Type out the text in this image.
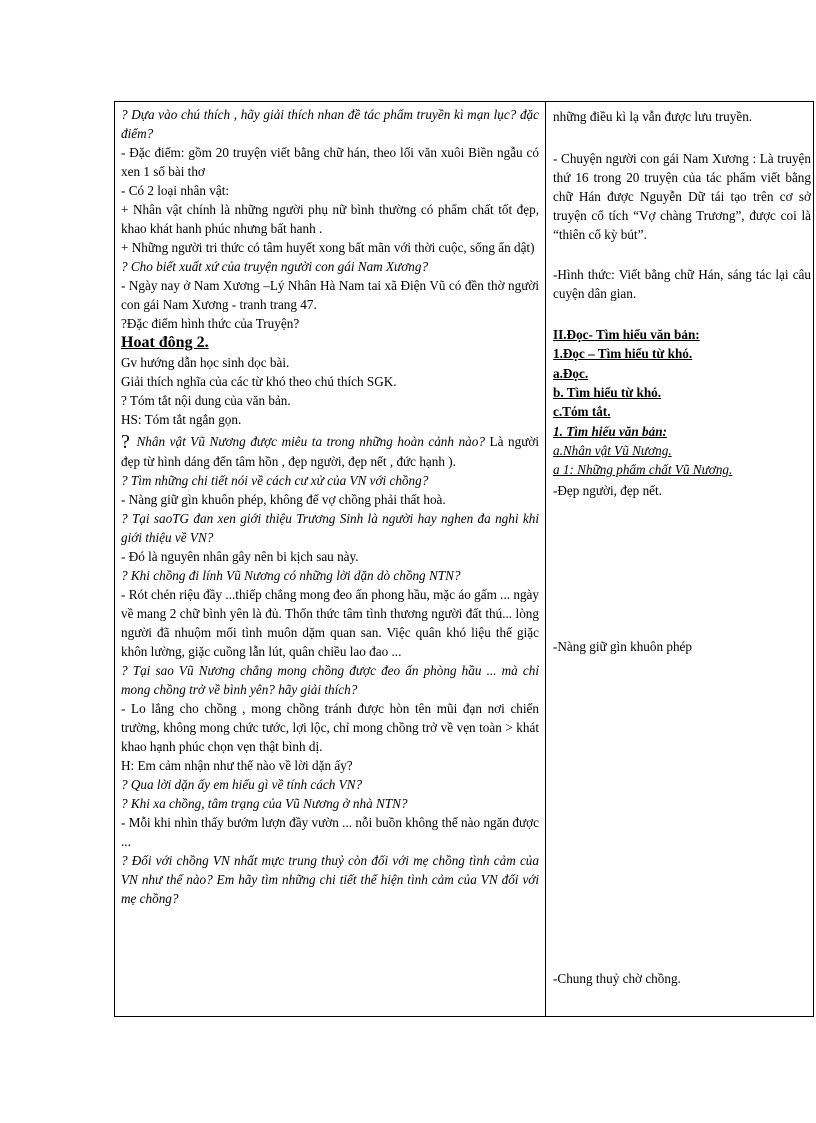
? Dựa vào chú thích , hãy giải thích nhan đề tác phẩm truyền kì mạn lục? đặc điểm?
- Đặc điểm: gồm 20 truyện viết bằng chữ hán, theo lối văn xuôi Biền ngẫu có xen 1 số bài thơ
- Có 2 loại nhân vật:
+ Nhân vật chính là những người phụ nữ bình thường có phẩm chất tốt đẹp, khao khát hanh phúc nhưng bất hanh .
+ Những người tri thức có tâm huyết xong bất mãn với thời cuộc, sống ẩn dật)
? Cho biết xuất xứ của truyện người con gái Nam Xương?
- Ngày nay ở Nam Xương –Lý Nhân Hà Nam tai xã Điện Vũ có đền thờ người con gái Nam Xương - tranh trang 47.
?Đặc điểm hình thức của Truyện?
Hoat đông 2.
Gv hướng dẫn học sinh dọc bài.
Giải thích nghĩa của các từ khó theo chú thích SGK.
? Tóm tắt nội dung của văn bản.
HS: Tóm tắt ngắn gọn.
? Nhân vật Vũ Nương được miêu ta trong những hoàn cảnh nào? Là người đẹp từ hình dáng đến tâm hồn , đẹp người, đẹp nết , đức hạnh ).
? Tìm những chi tiết nói về cách cư xử của VN với chồng?
- Nàng giữ gìn khuôn phép, không để vợ chồng phải thất hoà.
? Tại saoTG đan xen giới thiệu Trương Sinh là người hay nghen đa nghi khi giới thiệu về VN?
- Đó là nguyên nhân gây nên bi kịch sau này.
? Khi chồng đi lính Vũ Nương có những lời dặn dò chồng NTN?
- Rót chén riệu đầy ...thiếp chẳng mong đeo ấn phong hầu, mặc áo gấm ... ngày về mang 2 chữ bình yên là đủ. Thốn thức tâm tình thương người đất thú... lòng người đã nhuộm mối tình muôn dặm quan san. Việc quân khó liệu thế giặc khôn lường, giặc cuồng lẫn lút, quân chiều lao đao ...
? Tại sao Vũ Nương chẳng mong chồng được đeo ấn phòng hầu ... mà chỉ mong chồng trở về bình yên? hãy giải thích?
- Lo lắng cho chồng , mong chồng tránh được hòn tên mũi đạn nơi chiến trường, không mong chức tước, lợi lộc, chỉ mong chồng trở về vẹn toàn > khát khao hạnh phúc chọn vẹn thật bình dị.
H: Em cảm nhận như thế nào về lời dặn ấy?
? Qua lời dặn ấy em hiểu gì về tính cách VN?
? Khi xa chồng, tâm trạng của Vũ Nương ở nhà NTN?
- Mỗi khi nhìn thấy bướm lượn đầy vườn ... nỗi buồn không thể nào ngăn được ...
? Đối với chồng VN nhất mực trung thuỷ còn đối với mẹ chồng tình cảm của VN như thế nào? Em hãy tìm những chi tiết thể hiện tình cảm của VN đối với mẹ chồng?
những điều kì lạ vẫn được lưu truyền.
- Chuyện người con gái Nam Xương : Là truyện thứ 16 trong 20 truyện của tác phẩm viết bằng chữ Hán được Nguyễn Dữ tái tạo trên cơ sở truyện cổ tích “Vợ chàng Trương”, được coi là “thiên cổ kỳ bút”.
-Hình thức: Viết bằng chữ Hán, sáng tác lại câu cuyện dân gian.
II.Đọc- Tìm hiểu văn bản:
1.Đọc – Tìm hiểu từ khó.
a.Đọc.
b. Tìm hiểu từ khó.
c.Tóm tắt.
1. Tìm hiểu văn bản:
a.Nhân vật Vũ Nương.
a 1: Những phẩm chất Vũ Nương.
-Đẹp người, đẹp nết.
-Nàng giữ gìn khuôn phép
-Chung thuỷ chờ chồng.
